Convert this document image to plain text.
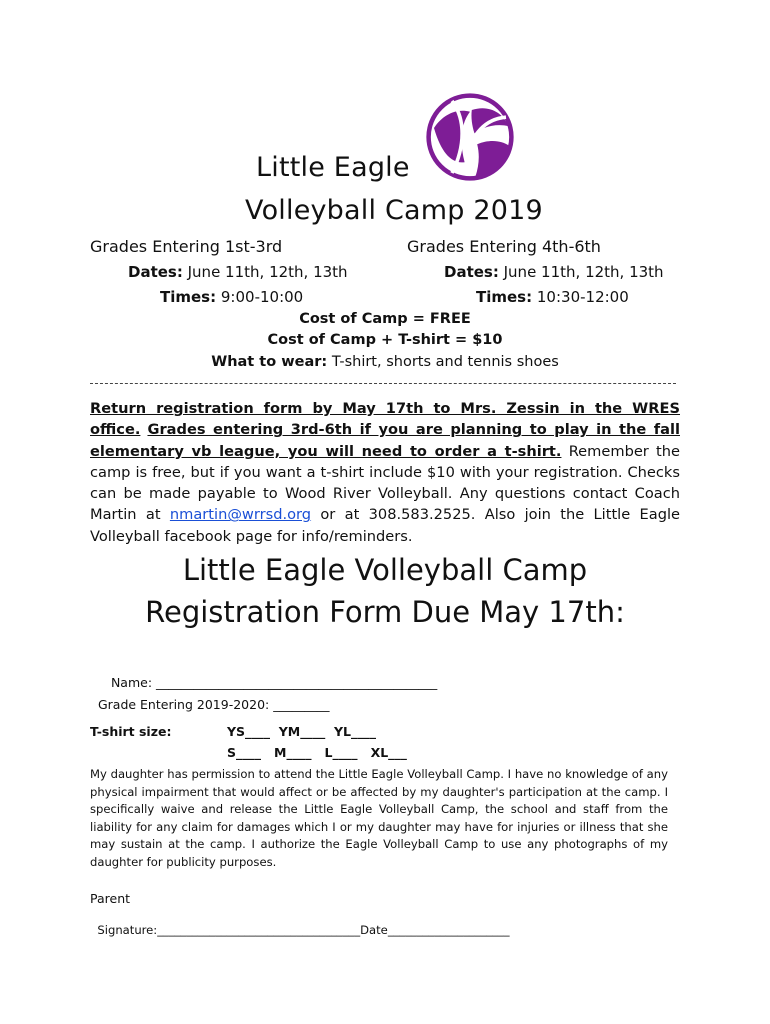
Little Eagle
Volleyball Camp 2019
Grades Entering 1st-3rd	Grades Entering 4th-6th
Dates: June 11th, 12th, 13th	Dates: June 11th, 12th, 13th
Times: 9:00-10:00	Times: 10:30-12:00
Cost of Camp = FREE
Cost of Camp + T-shirt = $10
What to wear: T-shirt, shorts and tennis shoes
Return registration form by May 17th to Mrs. Zessin in the WRES office. Grades entering 3rd-6th if you are planning to play in the fall elementary vb league, you will need to order a t-shirt. Remember the camp is free, but if you want a t-shirt include $10 with your registration. Checks can be made payable to Wood River Volleyball. Any questions contact Coach Martin at nmartin@wrrsd.org or at 308.583.2525. Also join the Little Eagle Volleyball facebook page for info/reminders.
Little Eagle Volleyball Camp
Registration Form Due May 17th:

Name: _____________________________________________

Grade Entering 2019-2020: _________

T-shirt size:	YS____  YM____  YL____
S____   M____   L____   XL___
My daughter has permission to attend the Little Eagle Volleyball Camp. I have no knowledge of any physical impairment that would affect or be affected by my daughter's participation at the camp. I specifically waive and release the Little Eagle Volleyball Camp, the school and staff from the liability for any claim for damages which I or my daughter may have for injuries or illness that she may sustain at the camp. I authorize the Eagle Volleyball Camp to use any photographs of my daughter for publicity purposes.
Parent

Signature:___________________________________Date_____________________
